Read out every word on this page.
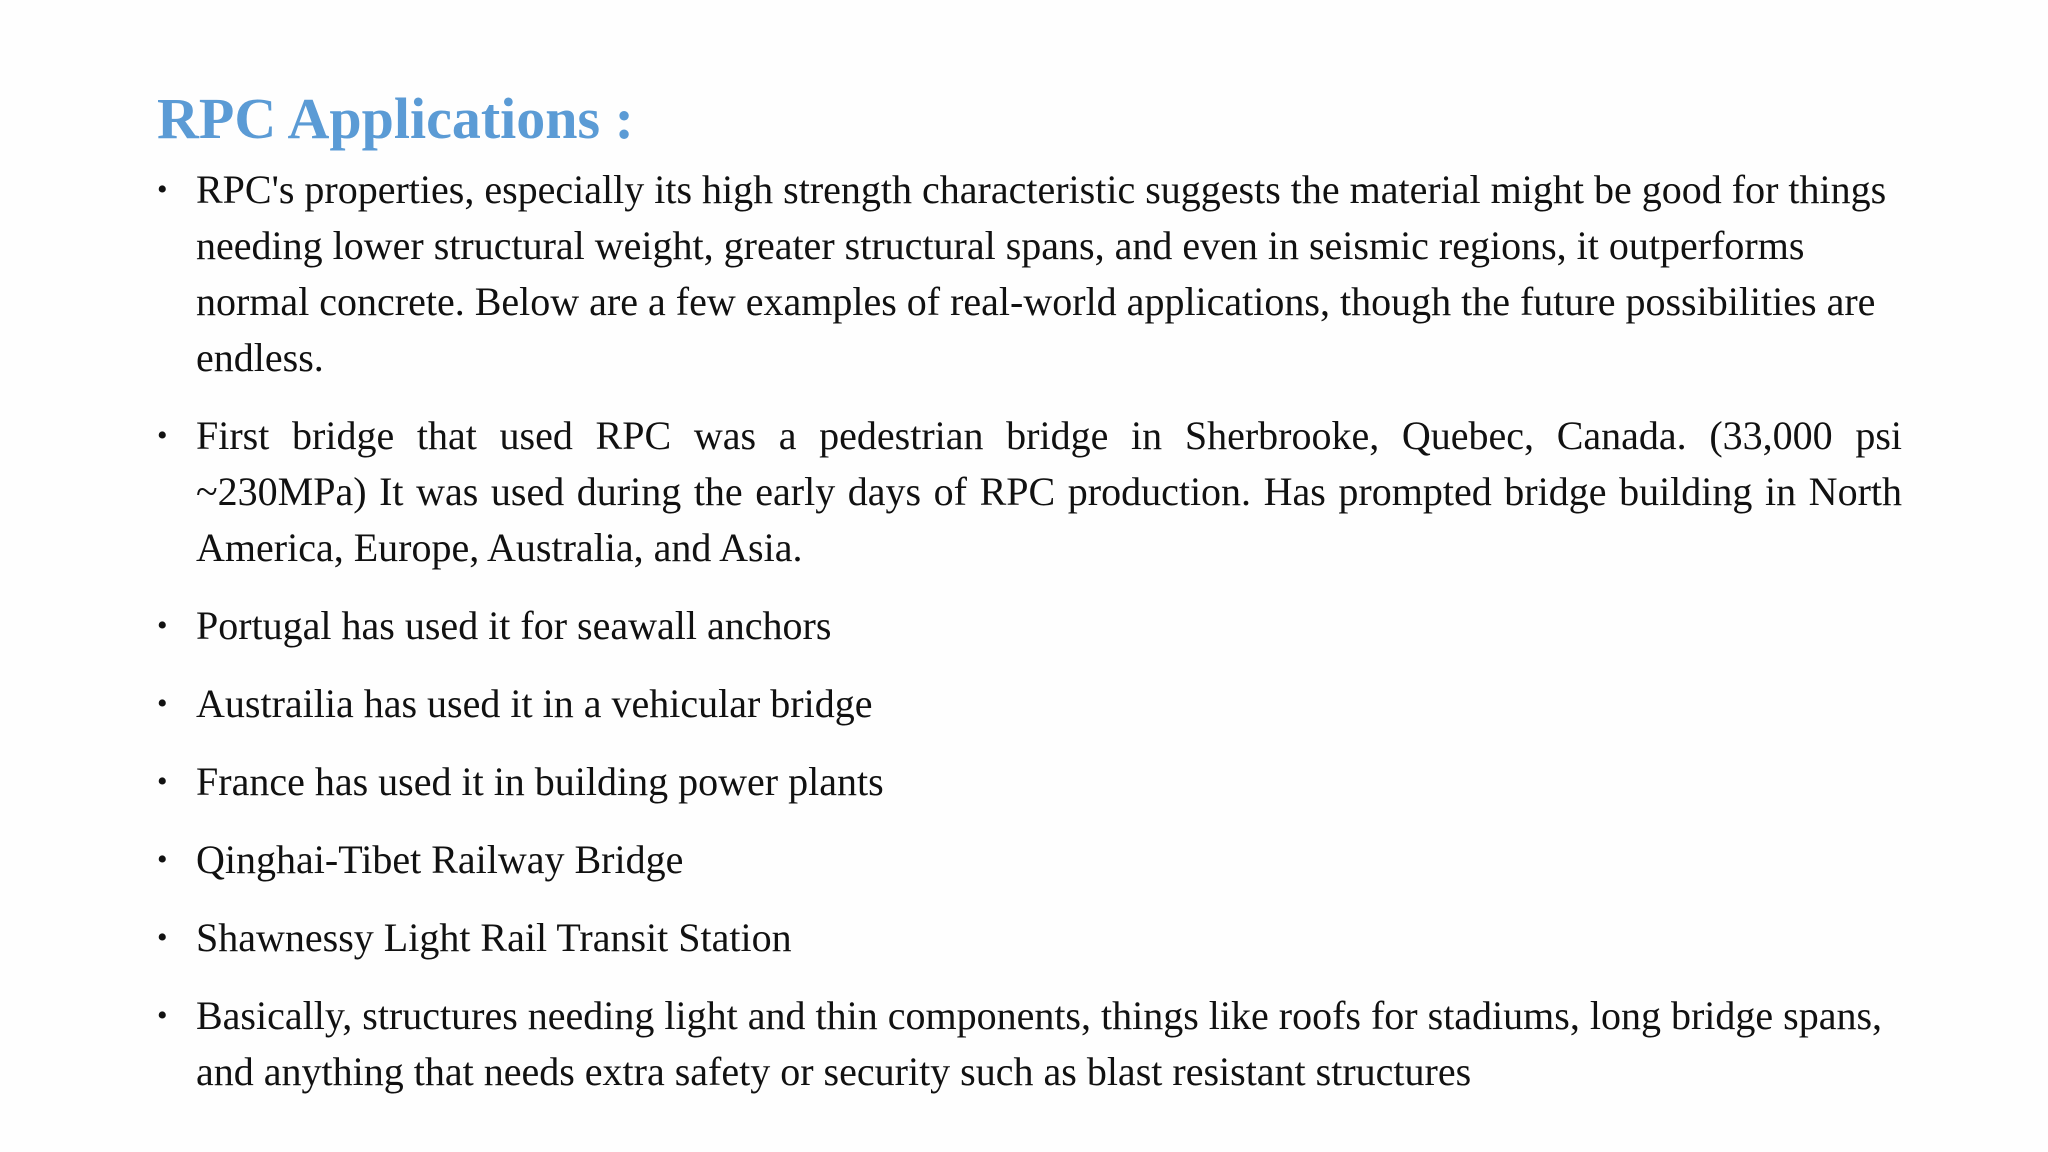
RPC Applications :
• RPC's properties, especially its high strength characteristic suggests the material might be good for things needing lower structural weight, greater structural spans, and even in seismic regions, it outperforms normal concrete. Below are a few examples of real-world applications, though the future possibilities are endless.
• First bridge that used RPC was a pedestrian bridge in Sherbrooke, Quebec, Canada. (33,000 psi ~230MPa) It was used during the early days of RPC production. Has prompted bridge building in North America, Europe, Australia, and Asia.
• Portugal has used it for seawall anchors
• Austrailia has used it in a vehicular bridge
• France has used it in building power plants
• Qinghai-Tibet Railway Bridge
• Shawnessy Light Rail Transit Station
• Basically, structures needing light and thin components, things like roofs for stadiums, long bridge spans, and anything that needs extra safety or security such as blast resistant structures
